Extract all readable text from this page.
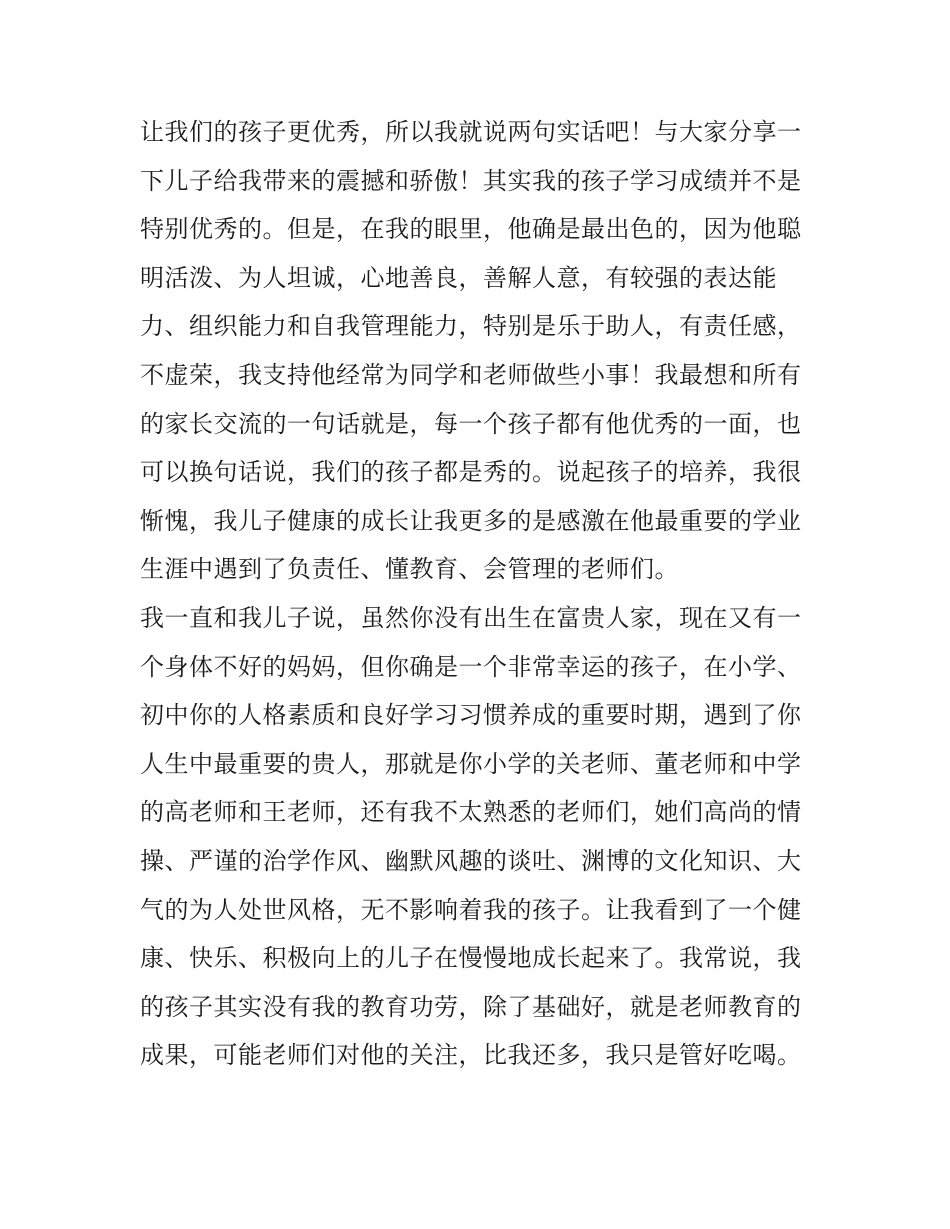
让我们的孩子更优秀，所以我就说两句实话吧！与大家分享一
下儿子给我带来的震撼和骄傲！其实我的孩子学习成绩并不是
特别优秀的。但是，在我的眼里，他确是最出色的，因为他聪
明活泼、为人坦诚，心地善良，善解人意，有较强的表达能
力、组织能力和自我管理能力，特别是乐于助人，有责任感，
不虚荣，我支持他经常为同学和老师做些小事！我最想和所有
的家长交流的一句话就是，每一个孩子都有他优秀的一面，也
可以换句话说，我们的孩子都是秀的。说起孩子的培养，我很
惭愧，我儿子健康的成长让我更多的是感激在他最重要的学业
生涯中遇到了负责任、懂教育、会管理的老师们。
我一直和我儿子说，虽然你没有出生在富贵人家，现在又有一
个身体不好的妈妈，但你确是一个非常幸运的孩子，在小学、
初中你的人格素质和良好学习习惯养成的重要时期，遇到了你
人生中最重要的贵人，那就是你小学的关老师、董老师和中学
的高老师和王老师，还有我不太熟悉的老师们，她们高尚的情
操、严谨的治学作风、幽默风趣的谈吐、渊博的文化知识、大
气的为人处世风格，无不影响着我的孩子。让我看到了一个健
康、快乐、积极向上的儿子在慢慢地成长起来了。我常说，我
的孩子其实没有我的教育功劳，除了基础好，就是老师教育的
成果，可能老师们对他的关注，比我还多，我只是管好吃喝。
